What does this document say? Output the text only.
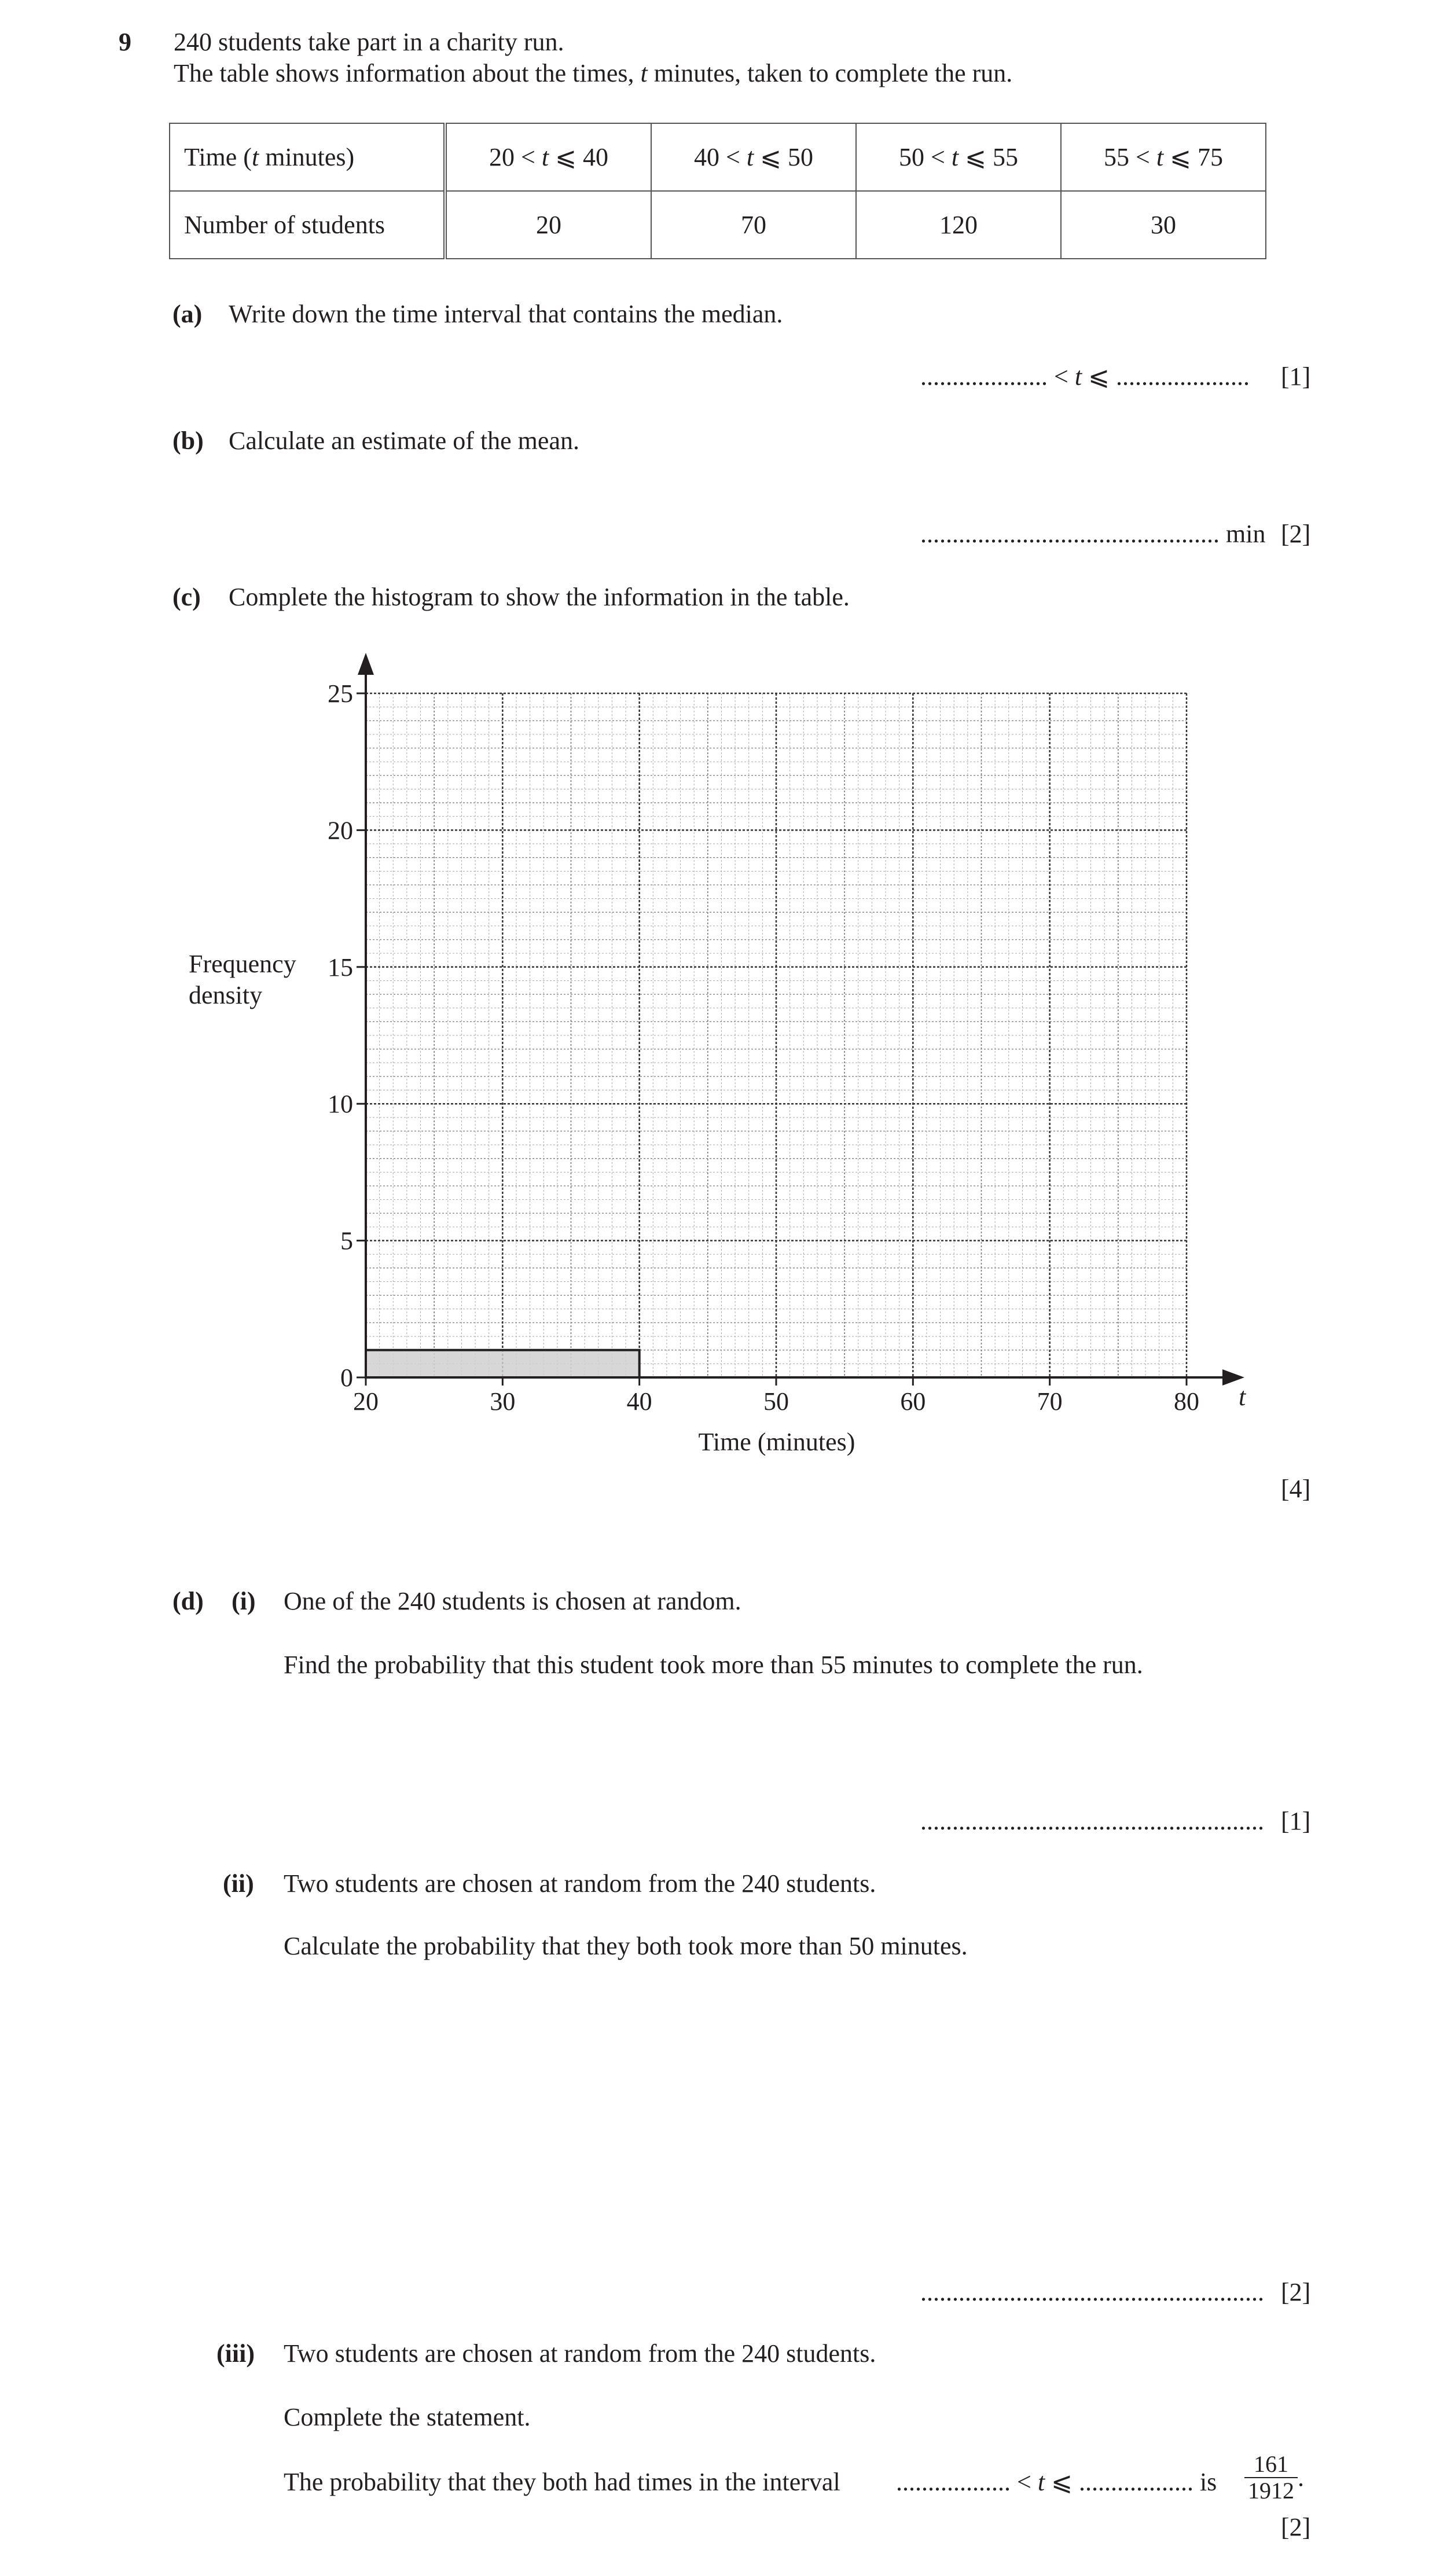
9 240 students take part in a charity run.
The table shows information about the times, t minutes, taken to complete the run.
Time (t minutes)	20 < t ⩽ 40	40 < t ⩽ 50	50 < t ⩽ 55	55 < t ⩽ 75
Number of students	20	70	120	30
(a) Write down the time interval that contains the median.
.................... < t ⩽ ..................... [1]
(b) Calculate an estimate of the mean.
............................................... min [2]
(c) Complete the histogram to show the information in the table.
20	30	40	50	60	70	80
0
5
10
15
20
25
Frequency
density
Time (minutes)
t
[4]
(d) (i) One of the 240 students is chosen at random.
Find the probability that this student took more than 55 minutes to complete the run.
...................................................... [1]
(ii) Two students are chosen at random from the 240 students.
Calculate the probability that they both took more than 50 minutes.
...................................................... [2]
(iii) Two students are chosen at random from the 240 students.
Complete the statement.
The probability that they both had times in the interval .................. < t ⩽ .................. is $\frac{161}{1912}$ .
[2]
